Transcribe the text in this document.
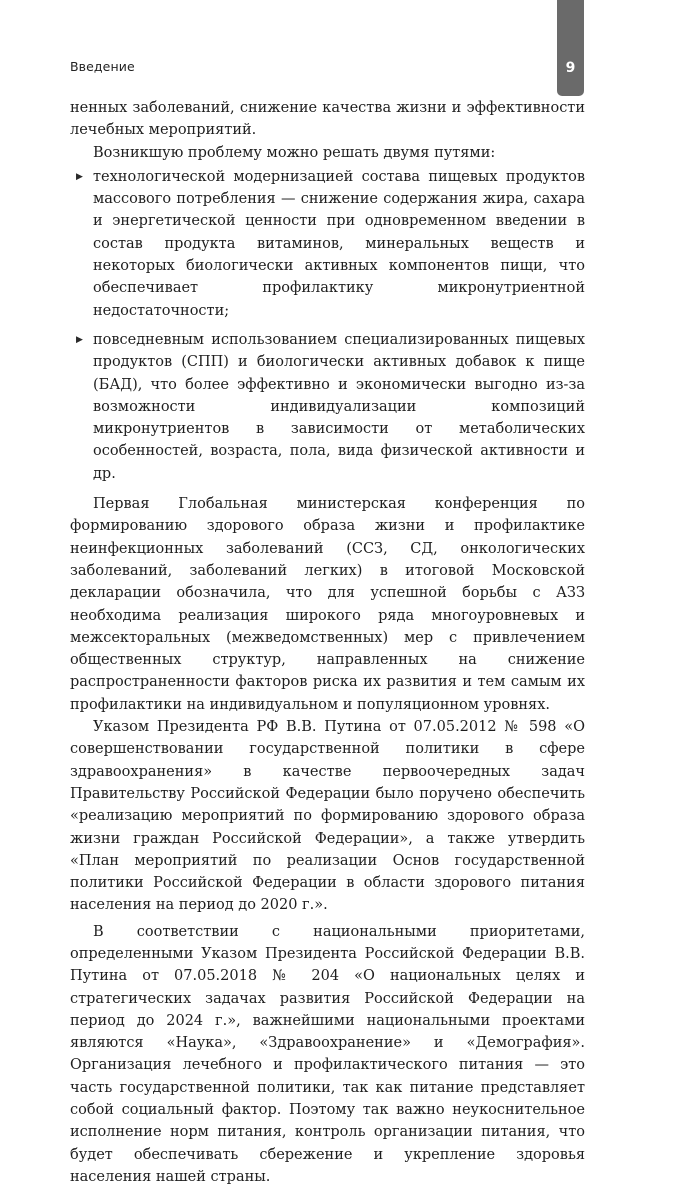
Введение	9

ненных заболеваний, снижение качества жизни и эффективности лечебных мероприятий.

Возникшую проблему можно решать двумя путями:

▶ технологической модернизацией состава пищевых продуктов массового потребления — снижение содержания жира, сахара и энергетической ценности при одновременном введении в состав продукта витаминов, минеральных веществ и некоторых биологически активных компонентов пищи, что обеспечивает профилактику микронутриентной недостаточности;
▶ повседневным использованием специализированных пищевых продуктов (СПП) и биологически активных добавок к пище (БАД), что более эффективно и экономически выгодно из-за возможности индивидуализации композиций микронутриентов в зависимости от метаболических особенностей, возраста, пола, вида физической активности и др.

Первая Глобальная министерская конференция по формированию здорового образа жизни и профилактике неинфекционных заболеваний (ССЗ, СД, онкологических заболеваний, заболеваний легких) в итоговой Московской декларации обозначила, что для успешной борьбы с АЗЗ необходима реализация широкого ряда многоуровневых и межсекторальных (межведомственных) мер с привлечением общественных структур, направленных на снижение распространенности факторов риска их развития и тем самым их профилактики на индивидуальном и популяционном уровнях.

Указом Президента РФ В.В. Путина от 07.05.2012 № 598 «О совершенствовании государственной политики в сфере здравоохранения» в качестве первоочередных задач Правительству Российской Федерации было поручено обеспечить «реализацию мероприятий по формированию здорового образа жизни граждан Российской Федерации», а также утвердить «План мероприятий по реализации Основ государственной политики Российской Федерации в области здорового питания населения на период до 2020 г.».

В соответствии с национальными приоритетами, определенными Указом Президента Российской Федерации В.В. Путина от 07.05.2018 № 204 «О национальных целях и стратегических задачах развития Российской Федерации на период до 2024 г.», важнейшими национальными проектами являются «Наука», «Здравоохранение» и «Демография». Организация лечебного и профилактического питания — это часть государственной политики, так как питание представляет собой социальный фактор. Поэтому так важно неукоснительное исполнение норм питания, контроль организации питания, что будет обеспечивать сбережение и укрепление здоровья населения нашей страны.
